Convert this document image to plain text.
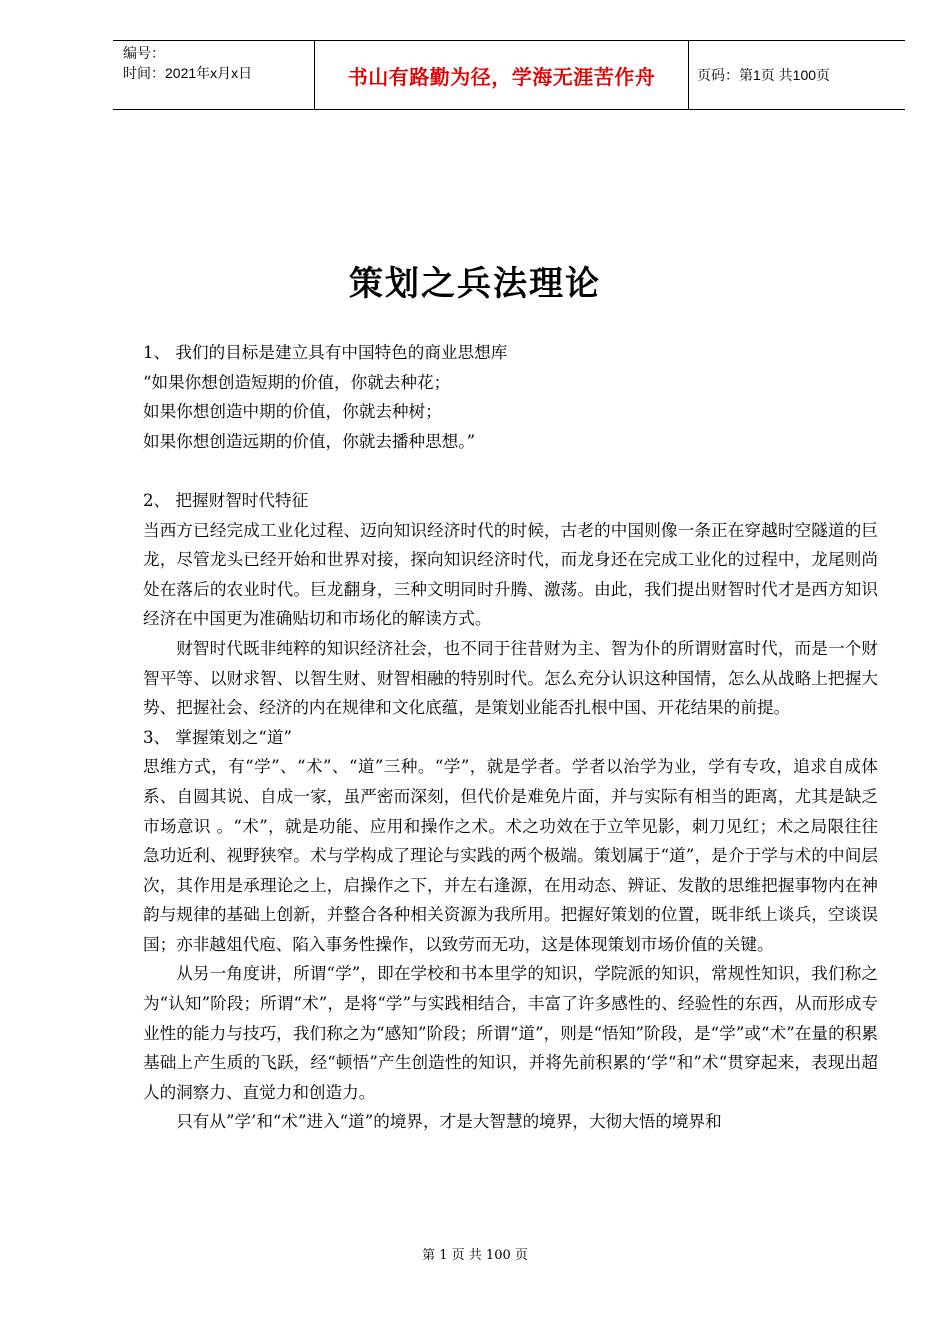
编号：
时间：2021年x月x日	书山有路勤为径，学海无涯苦作舟	页码：第1页 共100页
策划之兵法理论

1、 我们的目标是建立具有中国特色的商业思想库

“如果你想创造短期的价值，你就去种花；

如果你想创造中期的价值，你就去种树；

如果你想创造远期的价值，你就去播种思想。”

2、 把握财智时代特征

当西方已经完成工业化过程、迈向知识经济时代的时候，古老的中国则像一条正在穿越时空隧道的巨龙，尽管龙头已经开始和世界对接，探向知识经济时代，而龙身还在完成工业化的过程中，龙尾则尚处在落后的农业时代。巨龙翻身，三种文明同时升腾、激荡。由此，我们提出财智时代才是西方知识经济在中国更为准确贴切和市场化的解读方式。

财智时代既非纯粹的知识经济社会，也不同于往昔财为主、智为仆的所谓财富时代，而是一个财智平等、以财求智、以智生财、财智相融的特别时代。怎么充分认识这种国情，怎么从战略上把握大势、把握社会、经济的内在规律和文化底蕴，是策划业能否扎根中国、开花结果的前提。

3、 掌握策划之“道”

思维方式，有“学”、“术”、“道”三种。“学”，就是学者。学者以治学为业，学有专攻，追求自成体系、自圆其说、自成一家，虽严密而深刻，但代价是难免片面，并与实际有相当的距离，尤其是缺乏市场意识 。“术”，就是功能、应用和操作之术。术之功效在于立竿见影，刺刀见红；术之局限往往急功近利、视野狭窄。术与学构成了理论与实践的两个极端。策划属于“道”，是介于学与术的中间层次，其作用是承理论之上，启操作之下，并左右逢源，在用动态、辨证、发散的思维把握事物内在神韵与规律的基础上创新，并整合各种相关资源为我所用。把握好策划的位置，既非纸上谈兵，空谈误国；亦非越俎代庖、陷入事务性操作，以致劳而无功，这是体现策划市场价值的关键。

从另一角度讲，所谓“学”，即在学校和书本里学的知识，学院派的知识，常规性知识，我们称之为“认知”阶段；所谓“术”，是将“学”与实践相结合，丰富了许多感性的、经验性的东西，从而形成专业性的能力与技巧，我们称之为“感知”阶段；所谓“道”，则是“悟知”阶段，是“学”或“术”在量的积累基础上产生质的飞跃，经“顿悟”产生创造性的知识，并将先前积累的‘学“和”术“贯穿起来，表现出超人的洞察力、直觉力和创造力。

只有从”学’和“术”进入“道”的境界，才是大智慧的境界，大彻大悟的境界和

第 1 页 共 100 页
